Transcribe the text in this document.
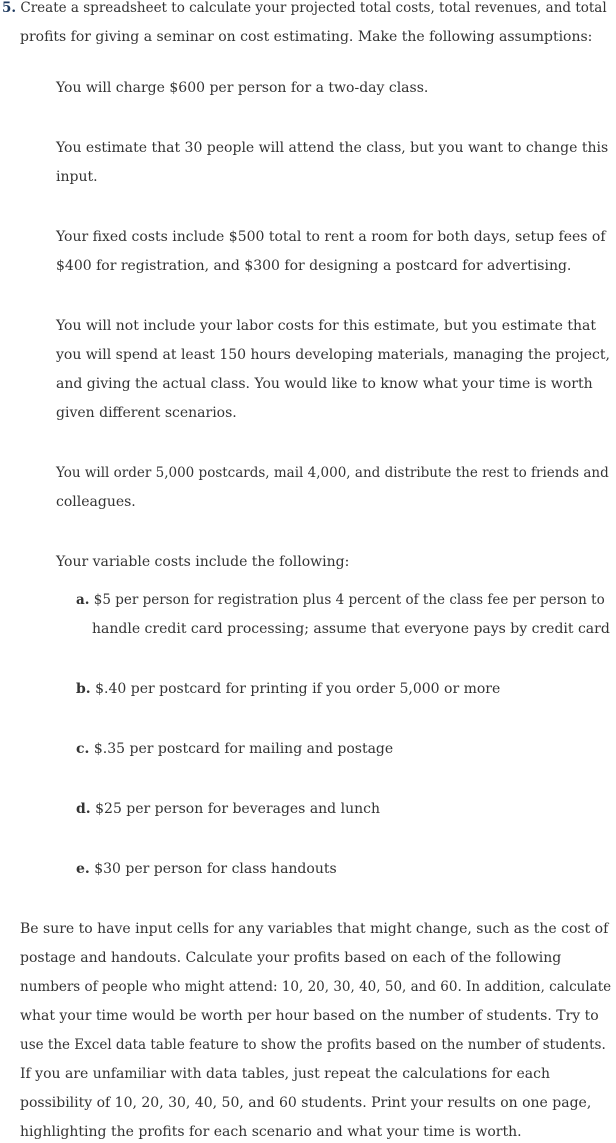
5. Create a spreadsheet to calculate your projected total costs, total revenues, and total
profits for giving a seminar on cost estimating. Make the following assumptions:
You will charge $600 per person for a two-day class.
You estimate that 30 people will attend the class, but you want to change this
input.
Your fixed costs include $500 total to rent a room for both days, setup fees of
$400 for registration, and $300 for designing a postcard for advertising.
You will not include your labor costs for this estimate, but you estimate that
you will spend at least 150 hours developing materials, managing the project,
and giving the actual class. You would like to know what your time is worth
given different scenarios.
You will order 5,000 postcards, mail 4,000, and distribute the rest to friends and
colleagues.
Your variable costs include the following:
a. $5 per person for registration plus 4 percent of the class fee per person to
handle credit card processing; assume that everyone pays by credit card
b. $.40 per postcard for printing if you order 5,000 or more
c. $.35 per postcard for mailing and postage
d. $25 per person for beverages and lunch
e. $30 per person for class handouts
Be sure to have input cells for any variables that might change, such as the cost of
postage and handouts. Calculate your profits based on each of the following
numbers of people who might attend: 10, 20, 30, 40, 50, and 60. In addition, calculate
what your time would be worth per hour based on the number of students. Try to
use the Excel data table feature to show the profits based on the number of students.
If you are unfamiliar with data tables, just repeat the calculations for each
possibility of 10, 20, 30, 40, 50, and 60 students. Print your results on one page,
highlighting the profits for each scenario and what your time is worth.
